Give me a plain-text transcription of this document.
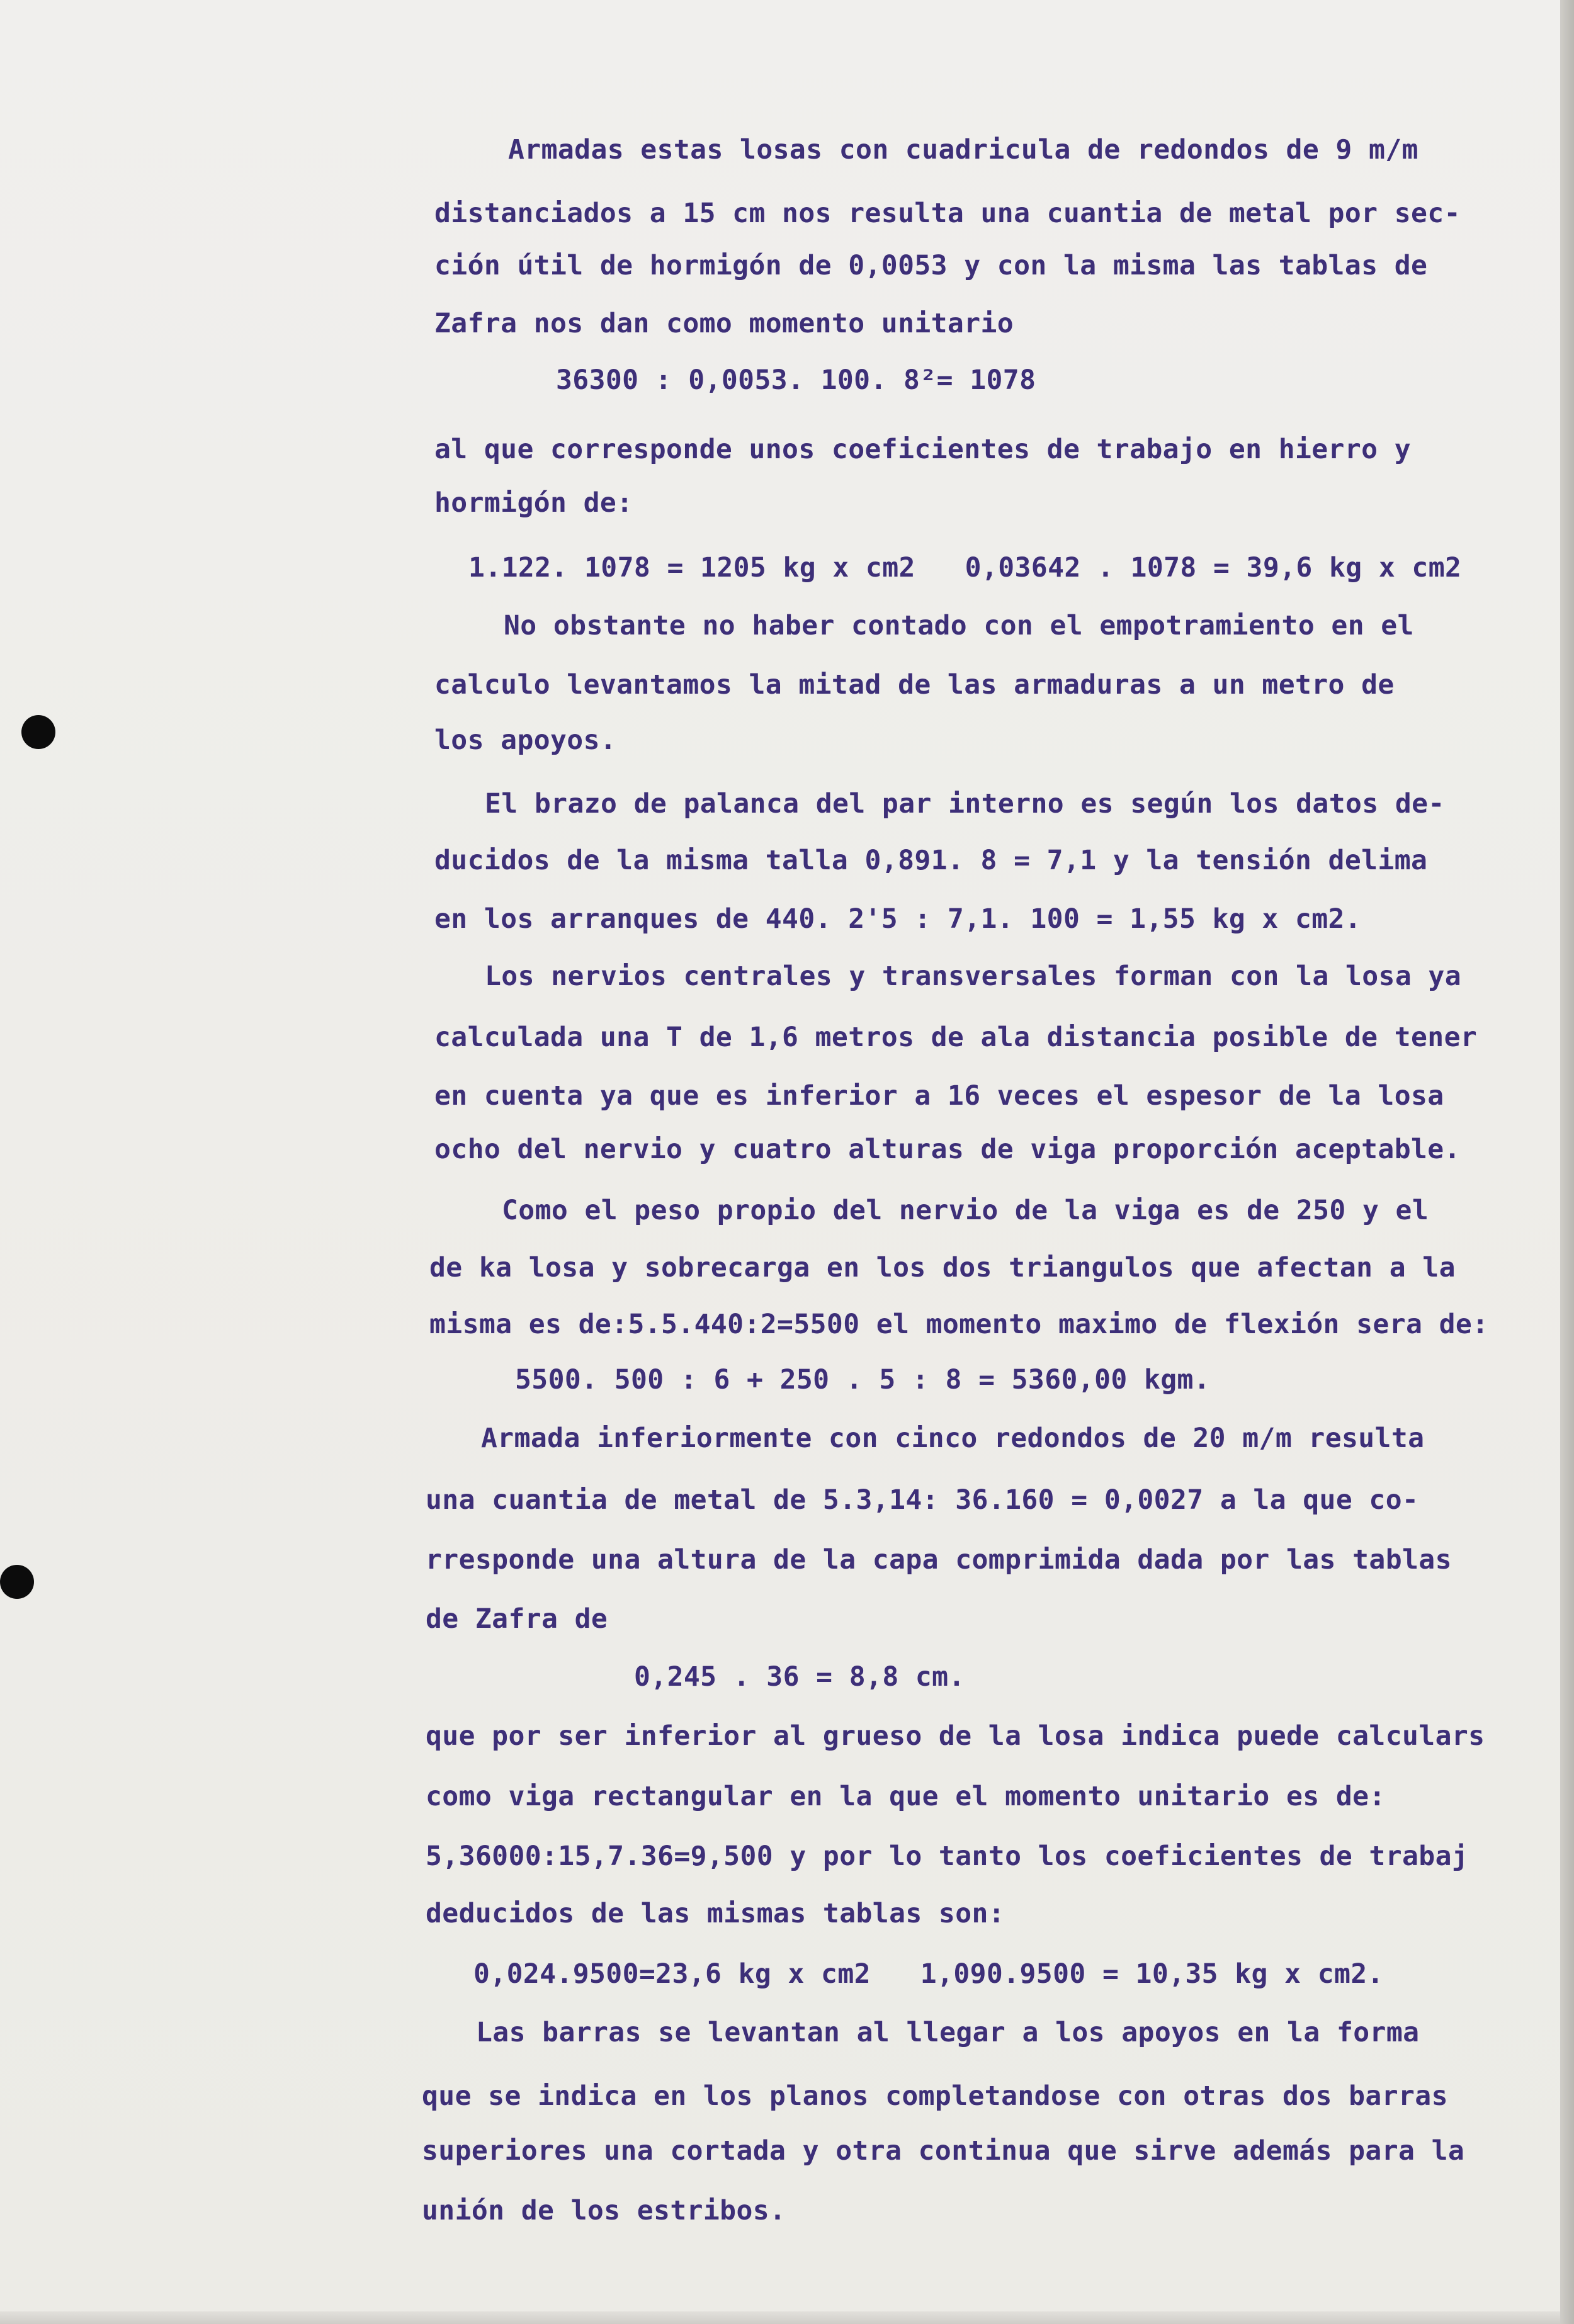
Armadas estas losas con cuadricula de redondos de 9 m/m
distanciados a 15 cm nos resulta una cuantia de metal por sec-
ción útil de hormigón de 0,0053 y con la misma las tablas de
Zafra nos dan como momento unitario
36300 : 0,0053. 100. 8²= 1078
al que corresponde unos coeficientes de trabajo en hierro y
hormigón de:
1.122. 1078 = 1205 kg x cm2   0,03642 . 1078 = 39,6 kg x cm2
No obstante no haber contado con el empotramiento en el
calculo levantamos la mitad de las armaduras a un metro de
los apoyos.
El brazo de palanca del par interno es según los datos de-
ducidos de la misma talla 0,891. 8 = 7,1 y la tensión delima
en los arranques de 440. 2'5 : 7,1. 100 = 1,55 kg x cm2.
Los nervios centrales y transversales forman con la losa ya
calculada una T de 1,6 metros de ala distancia posible de tener
en cuenta ya que es inferior a 16 veces el espesor de la losa
ocho del nervio y cuatro alturas de viga proporción aceptable.
Como el peso propio del nervio de la viga es de 250 y el
de ka losa y sobrecarga en los dos triangulos que afectan a la
misma es de:5.5.440:2=5500 el momento maximo de flexión sera de:
5500. 500 : 6 + 250 . 5 : 8 = 5360,00 kgm.
Armada inferiormente con cinco redondos de 20 m/m resulta
una cuantia de metal de 5.3,14: 36.160 = 0,0027 a la que co-
rresponde una altura de la capa comprimida dada por las tablas
de Zafra de
0,245 . 36 = 8,8 cm.
que por ser inferior al grueso de la losa indica puede calculars
como viga rectangular en la que el momento unitario es de:
5,36000:15,7.36=9,500 y por lo tanto los coeficientes de trabaj
deducidos de las mismas tablas son:
0,024.9500=23,6 kg x cm2   1,090.9500 = 10,35 kg x cm2.
Las barras se levantan al llegar a los apoyos en la forma
que se indica en los planos completandose con otras dos barras
superiores una cortada y otra continua que sirve además para la
unión de los estribos.
